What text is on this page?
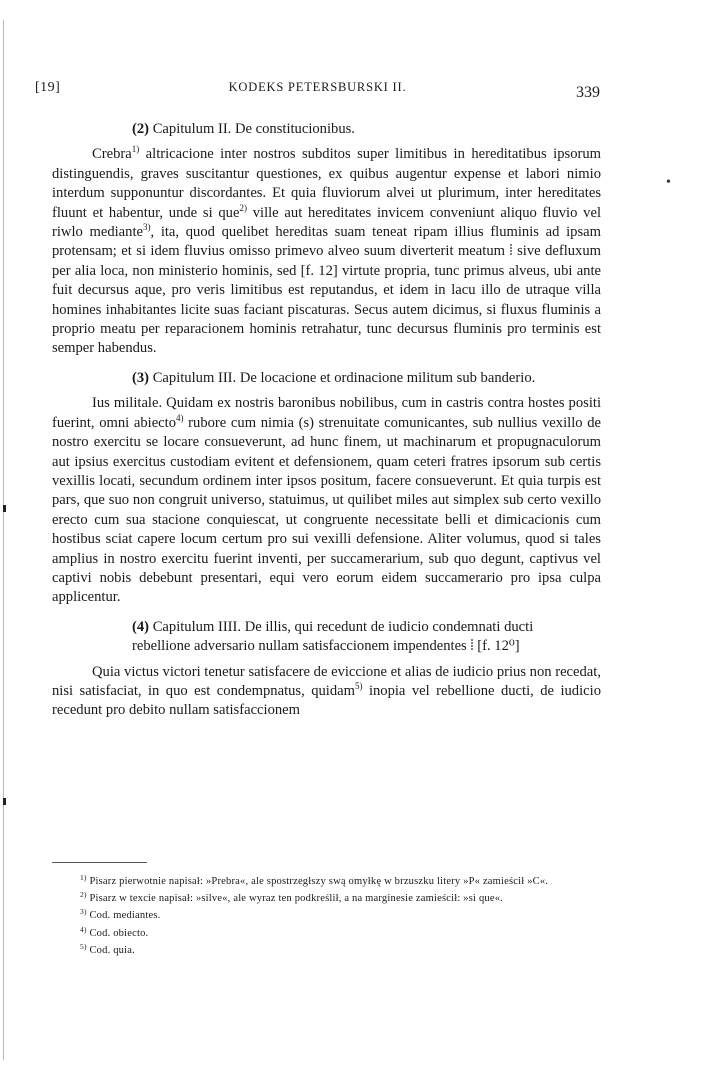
•
[19]	KODEKS PETERSBURSKI II.	339

(2) Capitulum II. De constitucionibus.

Crebra$^{1)}$ altricacione inter nostros subditos super limitibus in hereditatibus ipsorum distinguendis, graves suscitantur questiones, ex quibus augentur expense et labori nimio interdum supponuntur discordantes. Et quia fluviorum alvei ut plurimum, inter hereditates fluunt et habentur, unde si que$^{2)}$ ville aut hereditates invicem conveniunt aliquo fluvio vel riwlo mediante$^{3)}$, ita, quod quelibet hereditas suam teneat ripam illius fluminis ad ipsam protensam; et si idem fluvius omisso primevo alveo suum diverterit meatum ⦙ sive defluxum per alia loca, non ministerio hominis, sed [f. 12] virtute propria, tunc primus alveus, ubi ante fuit decursus aque, pro veris limitibus est reputandus, et idem in lacu illo de utraque villa homines inhabitantes licite suas faciant piscaturas. Secus autem dicimus, si fluxus fluminis a proprio meatu per reparacionem hominis retrahatur, tunc decursus fluminis pro terminis est semper habendus.

(3) Capitulum III. De locacione et ordinacione militum sub banderio.

Ius militale. Quidam ex nostris baronibus nobilibus, cum in castris contra hostes positi fuerint, omni abiecto$^{4)}$ rubore cum nimia (s) strenuitate comunicantes, sub nullius vexillo de nostro exercitu se locare consueverunt, ad hunc finem, ut machinarum et propugnaculorum aut ipsius exercitus custodiam evitent et defensionem, quam ceteri fratres ipsorum sub certis vexillis locati, secundum ordinem inter ipsos positum, facere consueverunt. Et quia turpis est pars, que suo non congruit universo, statuimus, ut quilibet miles aut simplex sub certo vexillo erecto cum sua stacione conquiescat, ut congruente necessitate belli et dimicacionis cum hostibus sciat capere locum certum pro sui vexilli defensione. Aliter volumus, quod si tales amplius in nostro exercitu fuerint inventi, per succamerarium, sub quo degunt, captivus vel captivi nobis debebunt presentari, equi vero eorum eidem succamerario pro ipsa culpa applicentur.

(4) Capitulum IIII. De illis, qui recedunt de iudicio condemnati ducti rebellione adversario nullam satisfaccionem impendentes ⦙ [f. 12⁰]

Quia victus victori tenetur satisfacere de eviccione et alias de iudicio prius non recedat, nisi satisfaciat, in quo est condempnatus, quidam$^{5)}$ inopia vel rebellione ducti, de iudicio recedunt pro debito nullam satisfaccionem

$^{1)}$ Pisarz pierwotnie napisał: »Prebra«, ale spostrzegłszy swą omyłkę w brzuszku litery »P« zamieścił »C«.

$^{2)}$ Pisarz w texcie napisał: »silve«, ale wyraz ten podkreślił, a na marginesie zamieścił: »si que«.

$^{3)}$ Cod. mediantes.

$^{4)}$ Cod. obiecto.

$^{5)}$ Cod. quia.
